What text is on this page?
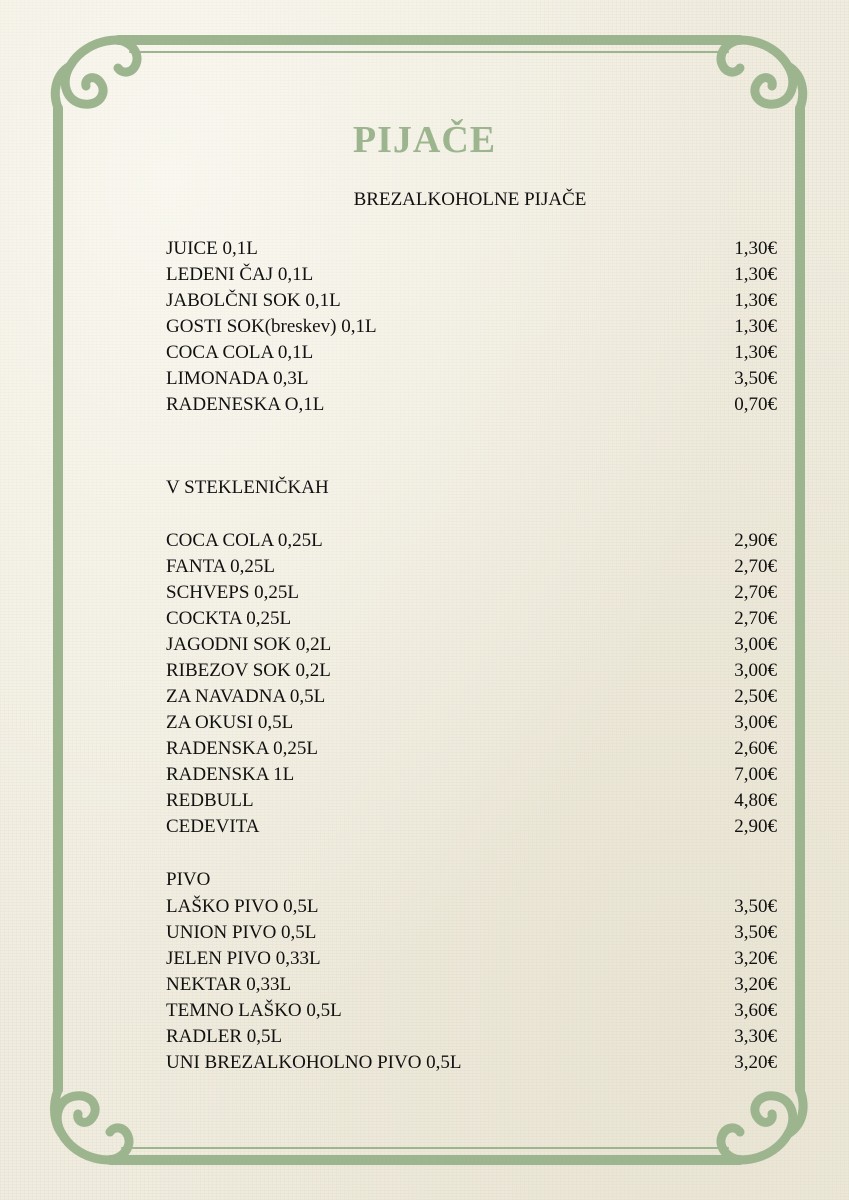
PIJAČE
BREZALKOHOLNE PIJAČE
JUICE 0,1L	1,30€
LEDENI ČAJ 0,1L	1,30€
JABOLČNI SOK 0,1L	1,30€
GOSTI SOK(breskev) 0,1L	1,30€
COCA COLA 0,1L	1,30€
LIMONADA 0,3L	3,50€
RADENESKA O,1L	0,70€
V STEKLENIČKAH
COCA COLA 0,25L	2,90€
FANTA 0,25L	2,70€
SCHVEPS 0,25L	2,70€
COCKTA 0,25L	2,70€
JAGODNI SOK 0,2L	3,00€
RIBEZOV SOK 0,2L	3,00€
ZA NAVADNA 0,5L	2,50€
ZA OKUSI 0,5L	3,00€
RADENSKA 0,25L	2,60€
RADENSKA 1L	7,00€
REDBULL	4,80€
CEDEVITA	2,90€
PIVO
LAŠKO PIVO 0,5L	3,50€
UNION PIVO 0,5L	3,50€
JELEN PIVO 0,33L	3,20€
NEKTAR 0,33L	3,20€
TEMNO LAŠKO 0,5L	3,60€
RADLER 0,5L	3,30€
UNI BREZALKOHOLNO PIVO 0,5L	3,20€
